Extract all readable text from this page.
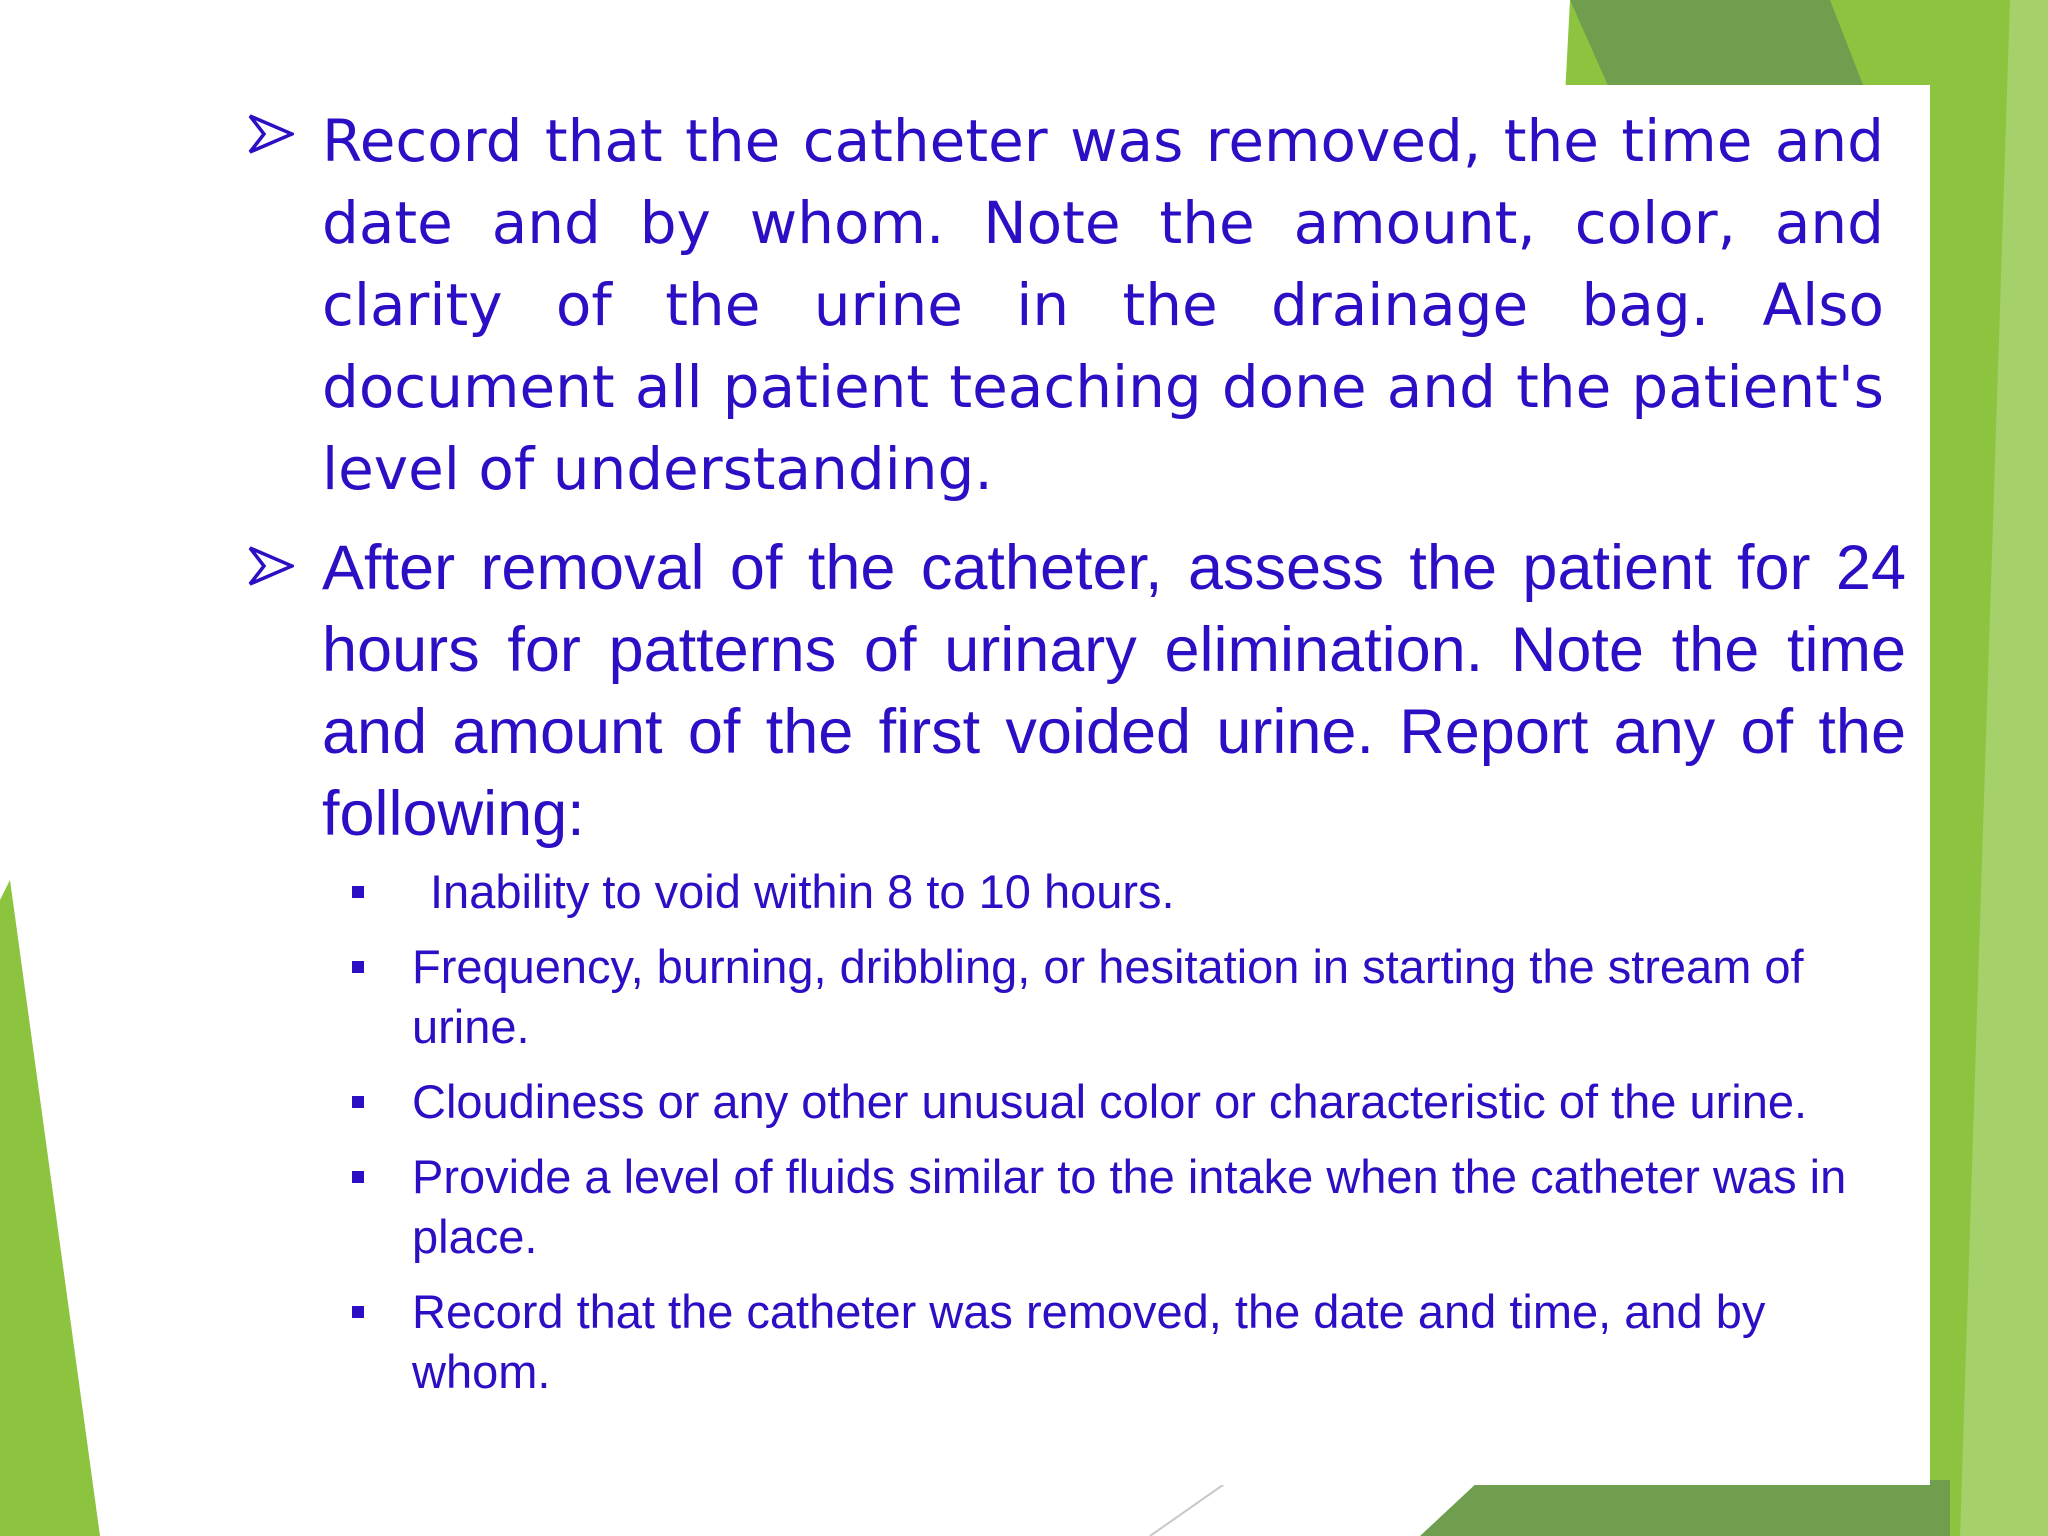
Record that the catheter was removed, the time and date and by whom. Note the amount, color, and clarity of the urine in the drainage bag. Also document all patient teaching done and the patient's level of understanding.
After removal of the catheter, assess the patient for 24 hours for patterns of urinary elimination. Note the time and amount of the first voided urine. Report any of the following:
Inability to void within 8 to 10 hours.
Frequency, burning, dribbling, or hesitation in starting the stream of urine.
Cloudiness or any other unusual color or characteristic of the urine.
Provide a level of fluids similar to the intake when the catheter was in place.
Record that the catheter was removed, the date and time, and by whom.
